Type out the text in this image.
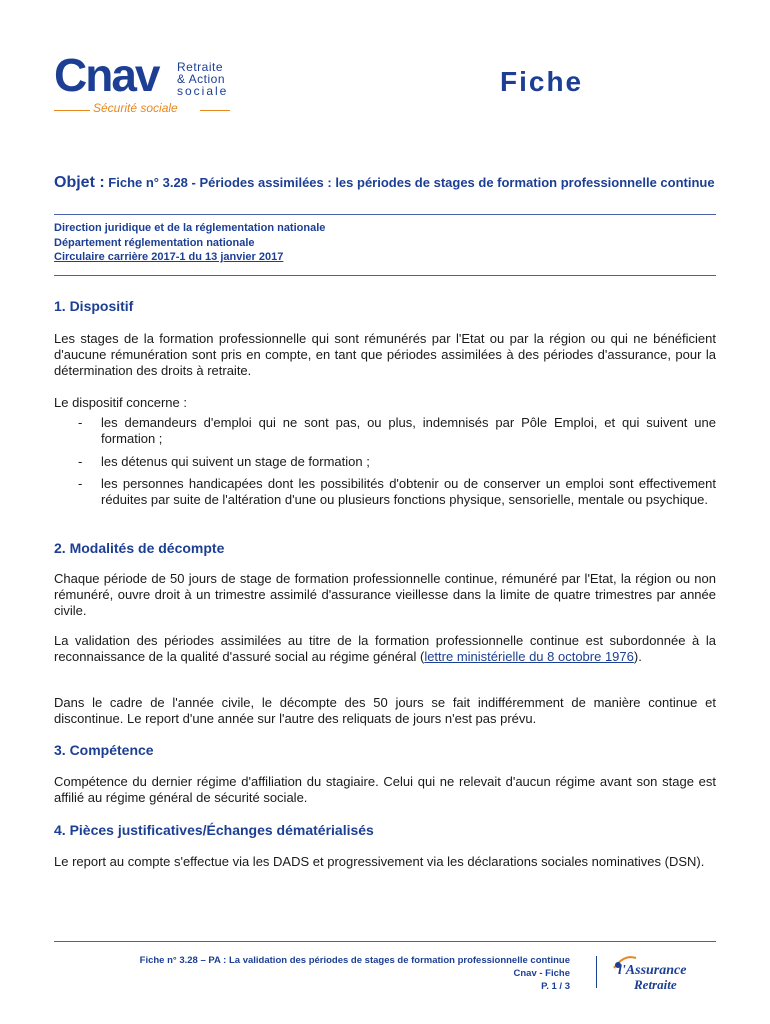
Cnav Retraite
& Action
sociale
Sécurité sociale
Fiche
Objet : Fiche n° 3.28 - Périodes assimilées : les périodes de stages de formation professionnelle continue
Direction juridique et de la réglementation nationale
Département réglementation nationale
Circulaire carrière 2017-1 du 13 janvier 2017
1. Dispositif
Les stages de la formation professionnelle qui sont rémunérés par l'Etat ou par la région ou qui ne bénéficient d'aucune rémunération sont pris en compte, en tant que périodes assimilées à des périodes d'assurance, pour la détermination des droits à retraite.
Le dispositif concerne :
- les demandeurs d'emploi qui ne sont pas, ou plus, indemnisés par Pôle Emploi, et qui suivent une formation ;
- les détenus qui suivent un stage de formation ;
- les personnes handicapées dont les possibilités d'obtenir ou de conserver un emploi sont effectivement réduites par suite de l'altération d'une ou plusieurs fonctions physique, sensorielle, mentale ou psychique.
2. Modalités de décompte
Chaque période de 50 jours de stage de formation professionnelle continue, rémunéré par l'Etat, la région ou non rémunéré, ouvre droit à un trimestre assimilé d'assurance vieillesse dans la limite de quatre trimestres par année civile.
La validation des périodes assimilées au titre de la formation professionnelle continue est subordonnée à la reconnaissance de la qualité d'assuré social au régime général (lettre ministérielle du 8 octobre 1976).
Dans le cadre de l'année civile, le décompte des 50 jours se fait indifféremment de manière continue et discontinue. Le report d'une année sur l'autre des reliquats de jours n'est pas prévu.
3. Compétence
Compétence du dernier régime d'affiliation du stagiaire. Celui qui ne relevait d'aucun régime avant son stage est affilié au régime général de sécurité sociale.
4. Pièces justificatives/Échanges dématérialisés
Le report au compte s'effectue via les DADS et progressivement via les déclarations sociales nominatives (DSN).
Fiche n° 3.28 – PA : La validation des périodes de stages de formation professionnelle continue
Cnav - Fiche
P. 1 / 3
l'Assurance
Retraite
